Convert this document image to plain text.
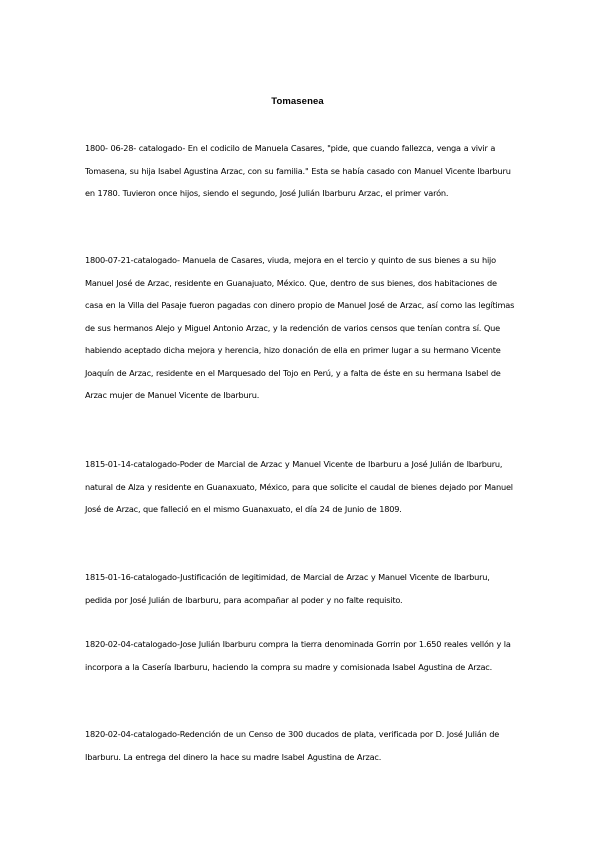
Tomasenea

1800- 06-28- catalogado- En el codicilo de Manuela Casares, "pide, que cuando fallezca, venga a vivir a Tomasena, su hija Isabel Agustina Arzac, con su familia." Esta se había casado con Manuel Vicente Ibarburu en 1780. Tuvieron once hijos, siendo el segundo, José Julián Ibarburu Arzac, el primer varón.

1800-07-21-catalogado- Manuela de Casares, viuda, mejora en el tercio y quinto de sus bienes a su hijo Manuel José de Arzac, residente en Guanajuato, México. Que, dentro de sus bienes, dos habitaciones de casa en la Villa del Pasaje fueron pagadas con dinero propio de Manuel José de Arzac, así como las legítimas de sus hermanos Alejo y Miguel Antonio Arzac, y la redención de varios censos que tenían contra sí. Que habiendo aceptado dicha mejora y herencia, hizo donación de ella en primer lugar a su hermano Vicente Joaquín de Arzac, residente en el Marquesado del Tojo en Perú, y a falta de éste en su hermana Isabel de Arzac mujer de Manuel Vicente de Ibarburu.

1815-01-14-catalogado-Poder de Marcial de Arzac y Manuel Vicente de Ibarburu a José Julián de Ibarburu, natural de Alza y residente en Guanaxuato, México, para que solicite el caudal de bienes dejado por Manuel José de Arzac, que falleció en el mismo Guanaxuato, el día 24 de Junio de 1809.

1815-01-16-catalogado-Justificación de legitimidad, de Marcial de Arzac y Manuel Vicente de Ibarburu, pedida por José Julián de Ibarburu, para acompañar al poder y no falte requisito.

1820-02-04-catalogado-Jose Julián Ibarburu compra la tierra denominada Gorrin por 1.650 reales vellón y la incorpora a la Casería Ibarburu, haciendo la compra su madre y comisionada Isabel Agustina de Arzac.

1820-02-04-catalogado-Redención de un Censo de 300 ducados de plata, verificada por D. José Julián de Ibarburu. La entrega del dinero la hace su madre Isabel Agustina de Arzac.
